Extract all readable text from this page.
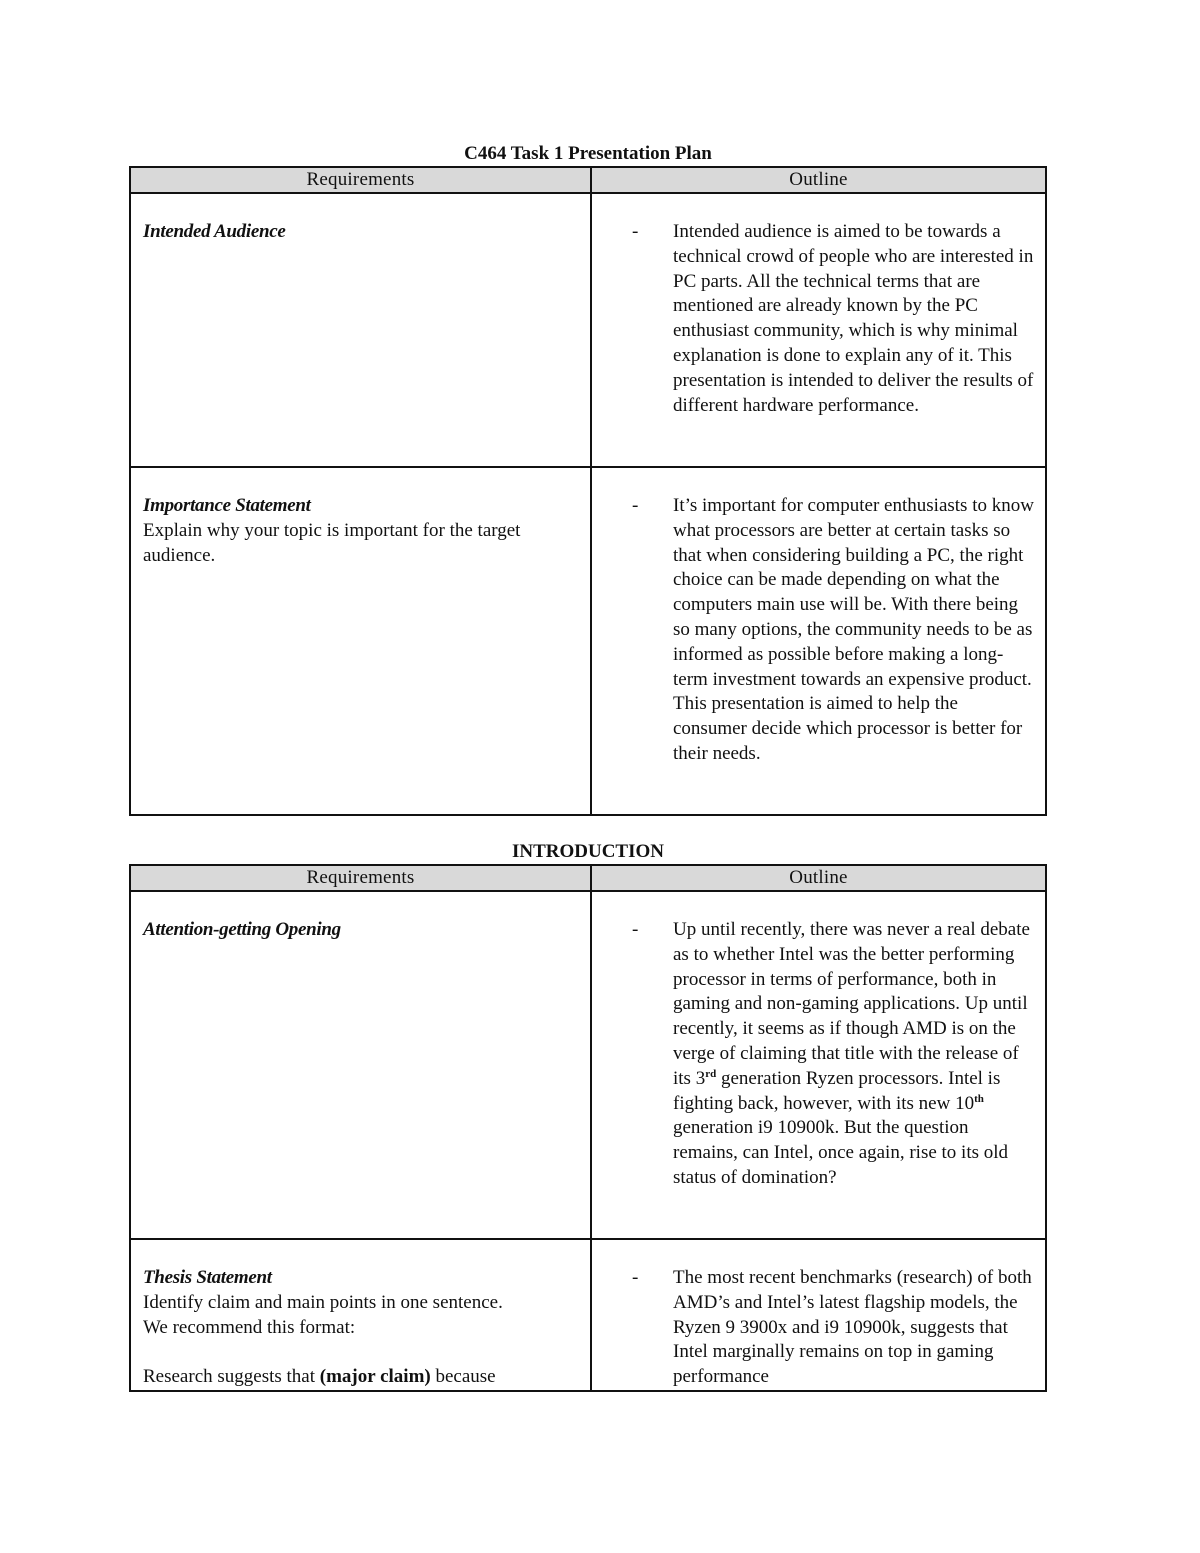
C464 Task 1 Presentation Plan
Requirements	Outline
Intended Audience	- Intended audience is aimed to be towards a technical crowd of people who are interested in PC parts. All the technical terms that are mentioned are already known by the PC enthusiast community, which is why minimal explanation is done to explain any of it. This presentation is intended to deliver the results of different hardware performance.

Importance Statement
Explain why your topic is important for the target audience.	- It’s important for computer enthusiasts to know what processors are better at certain tasks so that when considering building a PC, the right choice can be made depending on what the computers main use will be. With there being so many options, the community needs to be as informed as possible before making a long-term investment towards an expensive product. This presentation is aimed to help the consumer decide which processor is better for their needs.
INTRODUCTION
Requirements	Outline
Attention-getting Opening	- Up until recently, there was never a real debate as to whether Intel was the better performing processor in terms of performance, both in gaming and non-gaming applications. Up until recently, it seems as if though AMD is on the verge of claiming that title with the release of its 3rd generation Ryzen processors. Intel is fighting back, however, with its new 10th generation i9 10900k. But the question remains, can Intel, once again, rise to its old status of domination?

Thesis Statement
Identify claim and main points in one sentence.
We recommend this format:
Research suggests that (major claim) because	- The most recent benchmarks (research) of both AMD’s and Intel’s latest flagship models, the Ryzen 9 3900x and i9 10900k, suggests that Intel marginally remains on top in gaming performance
